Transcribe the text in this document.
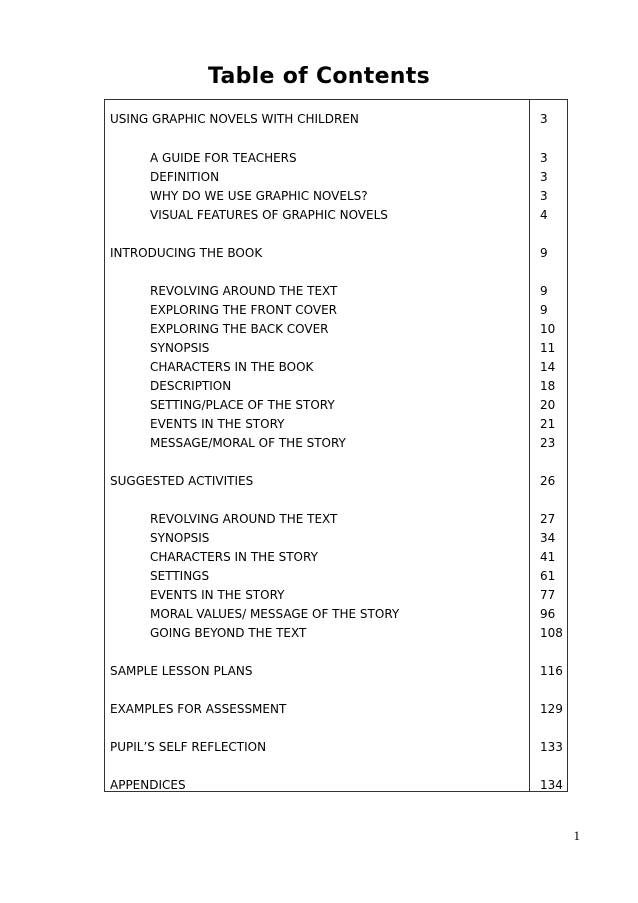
Table of Contents
USING GRAPHIC NOVELS WITH CHILDREN	3
A GUIDE FOR TEACHERS	3
DEFINITION	3
WHY DO WE USE GRAPHIC NOVELS?	3
VISUAL FEATURES OF GRAPHIC NOVELS	4
INTRODUCING THE BOOK	9
REVOLVING AROUND THE TEXT	9
EXPLORING THE FRONT COVER	9
EXPLORING THE BACK COVER	10
SYNOPSIS	11
CHARACTERS IN THE BOOK	14
DESCRIPTION	18
SETTING/PLACE OF THE STORY	20
EVENTS IN THE STORY	21
MESSAGE/MORAL OF THE STORY	23
SUGGESTED ACTIVITIES	26
REVOLVING AROUND THE TEXT	27
SYNOPSIS	34
CHARACTERS IN THE STORY	41
SETTINGS	61
EVENTS IN THE STORY	77
MORAL VALUES/ MESSAGE OF THE STORY	96
GOING BEYOND THE TEXT	108
SAMPLE LESSON PLANS	116
EXAMPLES FOR ASSESSMENT	129
PUPIL’S SELF REFLECTION	133
APPENDICES	134
1
